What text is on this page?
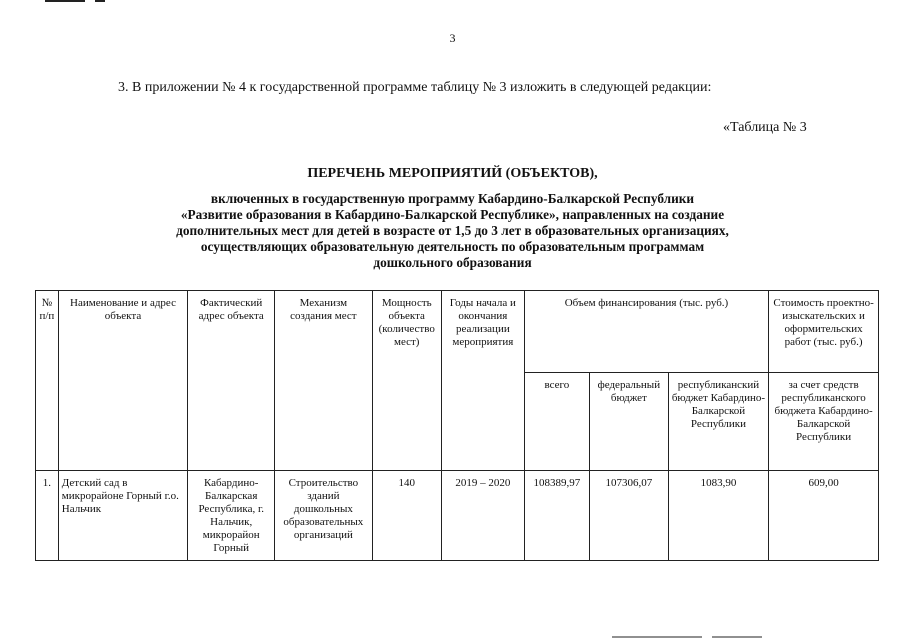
3
3. В приложении № 4 к государственной программе таблицу № 3 изложить в следующей редакции:
«Таблица № 3
ПЕРЕЧЕНЬ МЕРОПРИЯТИЙ (ОБЪЕКТОВ),
включенных в государственную программу Кабардино-Балкарской Республики
«Развитие образования в Кабардино-Балкарской Республике», направленных на создание
дополнительных мест для детей в возрасте от 1,5 до 3 лет в образовательных организациях,
осуществляющих образовательную деятельность по образовательным программам
дошкольного образования
№ п/п	Наименование и адрес объекта	Фактический адрес объекта	Механизм создания мест	Мощность объекта (количество мест)	Годы начала и окончания реализации мероприятия	Объем финансирования (тыс. руб.)			Стоимость проектно-изыскательских и оформительских работ (тыс. руб.)
						всего	федеральный бюджет	республиканский бюджет Кабардино-Балкарской Республики	за счет средств республиканского бюджета Кабардино-Балкарской Республики
1.	Детский сад в микрорайоне Горный г.о. Нальчик	Кабардино-Балкарская Республика, г. Нальчик, микрорайон Горный	Строительство зданий дошкольных образовательных организаций	140	2019 – 2020	108389,97	107306,07	1083,90	609,00
